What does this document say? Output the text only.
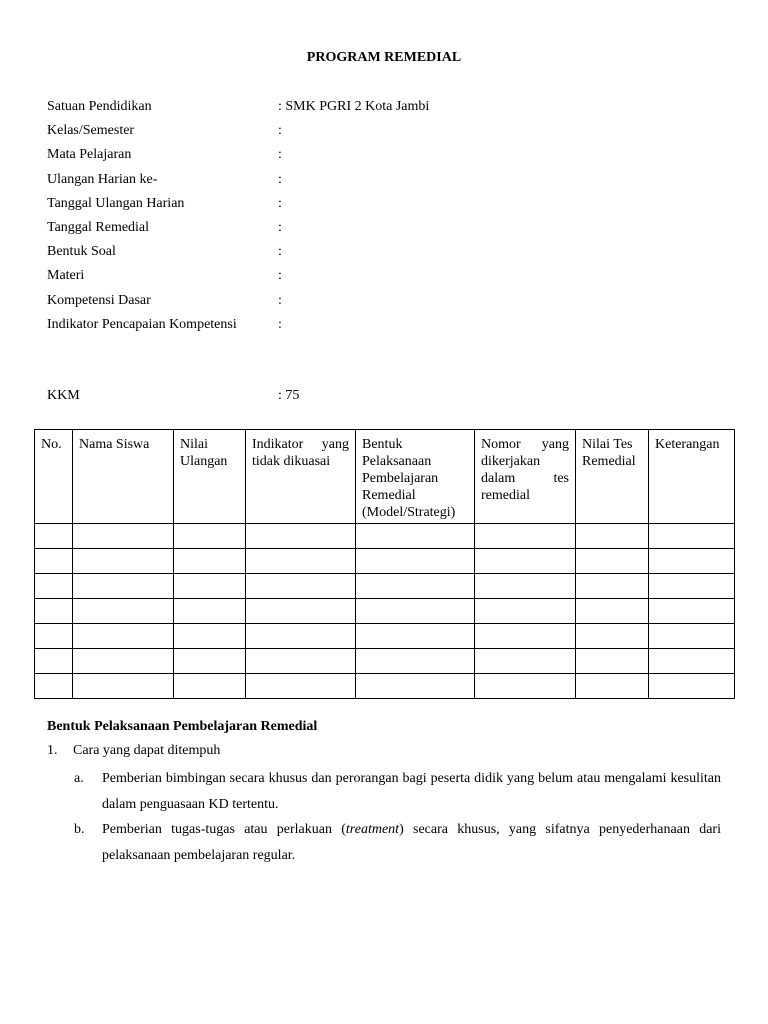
PROGRAM REMEDIAL
Satuan Pendidikan	: SMK PGRI 2 Kota Jambi
Kelas/Semester	:
Mata Pelajaran	:
Ulangan Harian ke-	:
Tanggal Ulangan Harian	:
Tanggal Remedial	:
Bentuk Soal	:
Materi	:
Kompetensi Dasar	:
Indikator Pencapaian Kompetensi	:
KKM	: 75
No.	Nama Siswa	Nilai Ulangan	Indikator yang tidak dikuasai	Bentuk Pelaksanaan Pembelajaran Remedial (Model/Strategi)	Nomor yang dikerjakan dalam tes remedial	Nilai Tes Remedial	Keterangan

Bentuk Pelaksanaan Pembelajaran Remedial
1. Cara yang dapat ditempuh
a. Pemberian bimbingan secara khusus dan perorangan bagi peserta didik yang belum atau mengalami kesulitan dalam penguasaan KD tertentu.
b. Pemberian tugas-tugas atau perlakuan (treatment) secara khusus, yang sifatnya penyederhanaan dari pelaksanaan pembelajaran regular.
